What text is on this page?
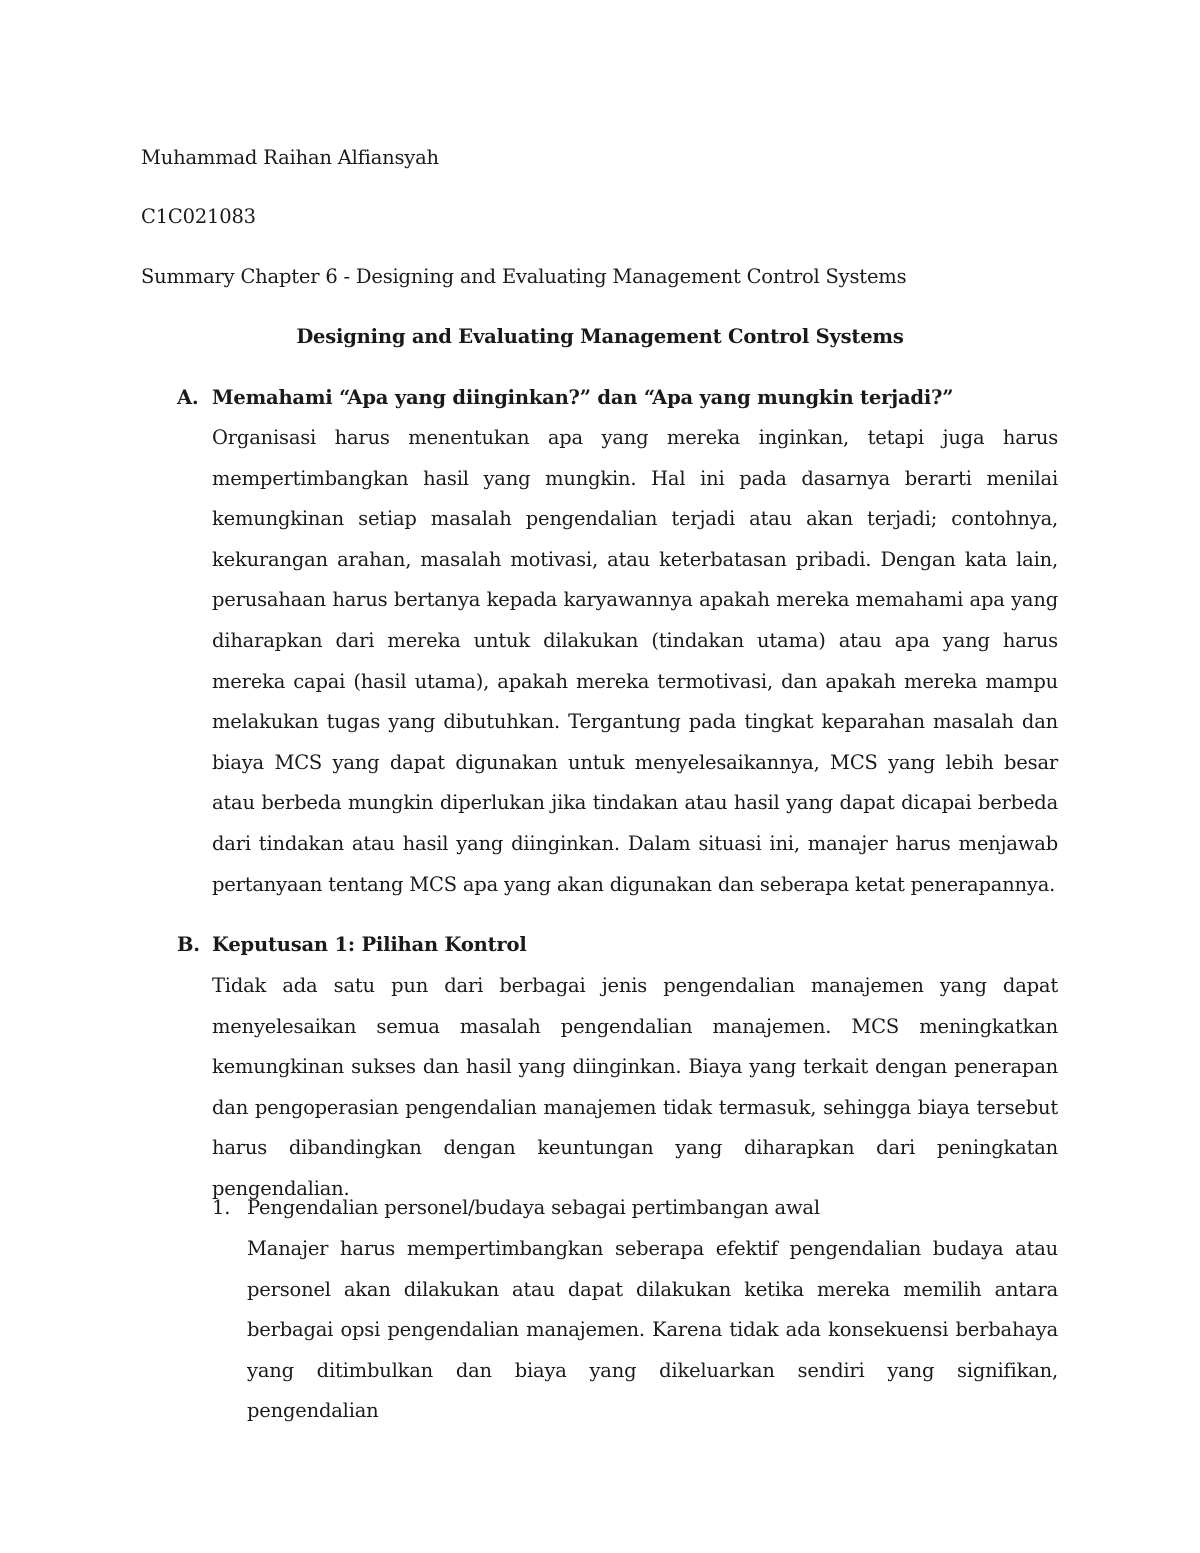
Muhammad Raihan Alfiansyah
C1C021083
Summary Chapter 6 - Designing and Evaluating Management Control Systems
Designing and Evaluating Management Control Systems
A. Memahami “Apa yang diinginkan?” dan “Apa yang mungkin terjadi?”

Organisasi harus menentukan apa yang mereka inginkan, tetapi juga harus mempertimbangkan hasil yang mungkin. Hal ini pada dasarnya berarti menilai kemungkinan setiap masalah pengendalian terjadi atau akan terjadi; contohnya, kekurangan arahan, masalah motivasi, atau keterbatasan pribadi. Dengan kata lain, perusahaan harus bertanya kepada karyawannya apakah mereka memahami apa yang diharapkan dari mereka untuk dilakukan (tindakan utama) atau apa yang harus mereka capai (hasil utama), apakah mereka termotivasi, dan apakah mereka mampu melakukan tugas yang dibutuhkan. Tergantung pada tingkat keparahan masalah dan biaya MCS yang dapat digunakan untuk menyelesaikannya, MCS yang lebih besar atau berbeda mungkin diperlukan jika tindakan atau hasil yang dapat dicapai berbeda dari tindakan atau hasil yang diinginkan. Dalam situasi ini, manajer harus menjawab pertanyaan tentang MCS apa yang akan digunakan dan seberapa ketat penerapannya.

B. Keputusan 1: Pilihan Kontrol

Tidak ada satu pun dari berbagai jenis pengendalian manajemen yang dapat menyelesaikan semua masalah pengendalian manajemen. MCS meningkatkan kemungkinan sukses dan hasil yang diinginkan. Biaya yang terkait dengan penerapan dan pengoperasian pengendalian manajemen tidak termasuk, sehingga biaya tersebut harus dibandingkan dengan keuntungan yang diharapkan dari peningkatan pengendalian.

1. Pengendalian personel/budaya sebagai pertimbangan awal

Manajer harus mempertimbangkan seberapa efektif pengendalian budaya atau personel akan dilakukan atau dapat dilakukan ketika mereka memilih antara berbagai opsi pengendalian manajemen. Karena tidak ada konsekuensi berbahaya yang ditimbulkan dan biaya yang dikeluarkan sendiri yang signifikan, pengendalian
